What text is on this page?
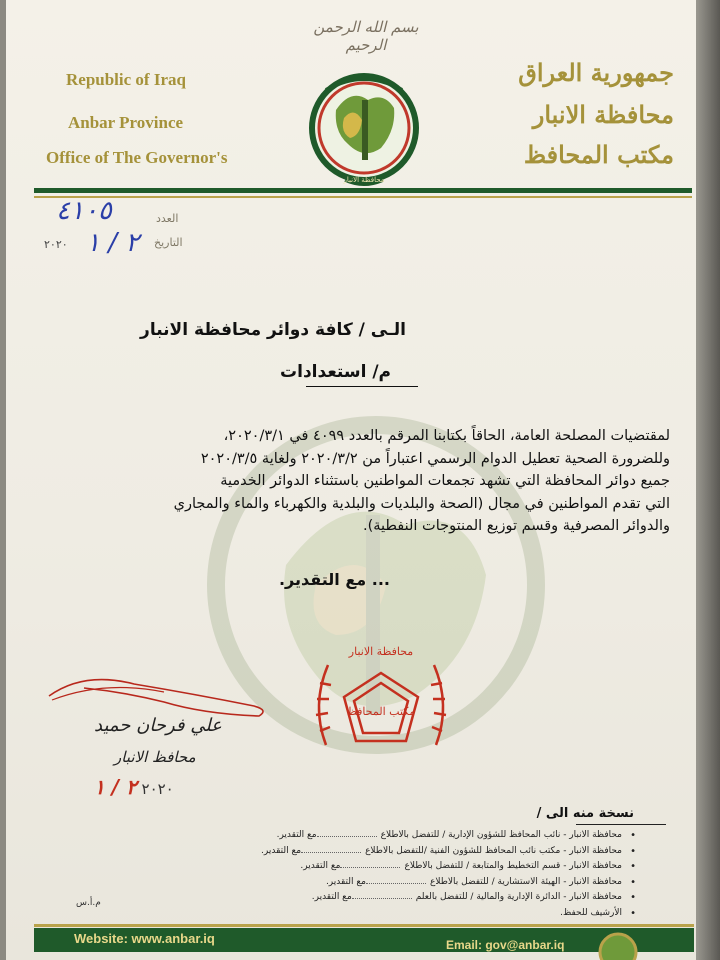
بسم الله الرحمن الرحيم
Republic of Iraq
Anbar Province
Office of The Governor's
جمهورية العراق
محافظة الانبار
مكتب المحافظ
محافظة الانبار
العدد
٤١٠٥
التاريخ
٢ / ١
٢٠٢٠
الـى / كافة دوائر محافظة الانبار
م/ استعدادات
لمقتضيات المصلحة العامة، الحاقاً بكتابنا المرقم بالعدد ٤٠٩٩ في ٢٠٢٠/٣/١،
وللضرورة الصحية تعطيل الدوام الرسمي اعتباراً من ٢٠٢٠/٣/٢ ولغاية ٢٠٢٠/٣/٥
جميع دوائر المحافظة التي تشهد تجمعات المواطنين باستثناء الدوائر الخدمية
التي تقدم المواطنين في مجال (الصحة والبلديات والبلدية والكهرباء والماء والمجاري
والدوائر المصرفية وقسم توزيع المنتوجات النفطية).
... مع التقدير.
محافظة الانبار
مكتب المحافظ
علي فرحان حميد
محافظ الانبار
٢٠٢٠ ٢ / ١
نسخة منه الى /
•
محافظة الانبار - نائب المحافظ للشؤون الإدارية / للتفضل بالاطلاعمع التقدير.
•
محافظة الانبار - مكتب نائب المحافظ للشؤون الفنية /للتفضل بالاطلاعمع التقدير.
•
محافظة الانبار - قسم التخطيط والمتابعة / للتفضل بالاطلاعمع التقدير.
•
محافظة الانبار - الهيئة الاستشارية / للتفضل بالاطلاعمع التقدير.
•
محافظة الانبار - الدائرة الإدارية والمالية / للتفضل بالعلممع التقدير.
•
الأرشيف للحفظ.
م.أ.س
Website: www.anbar.iq	Email: gov@anbar.iq
